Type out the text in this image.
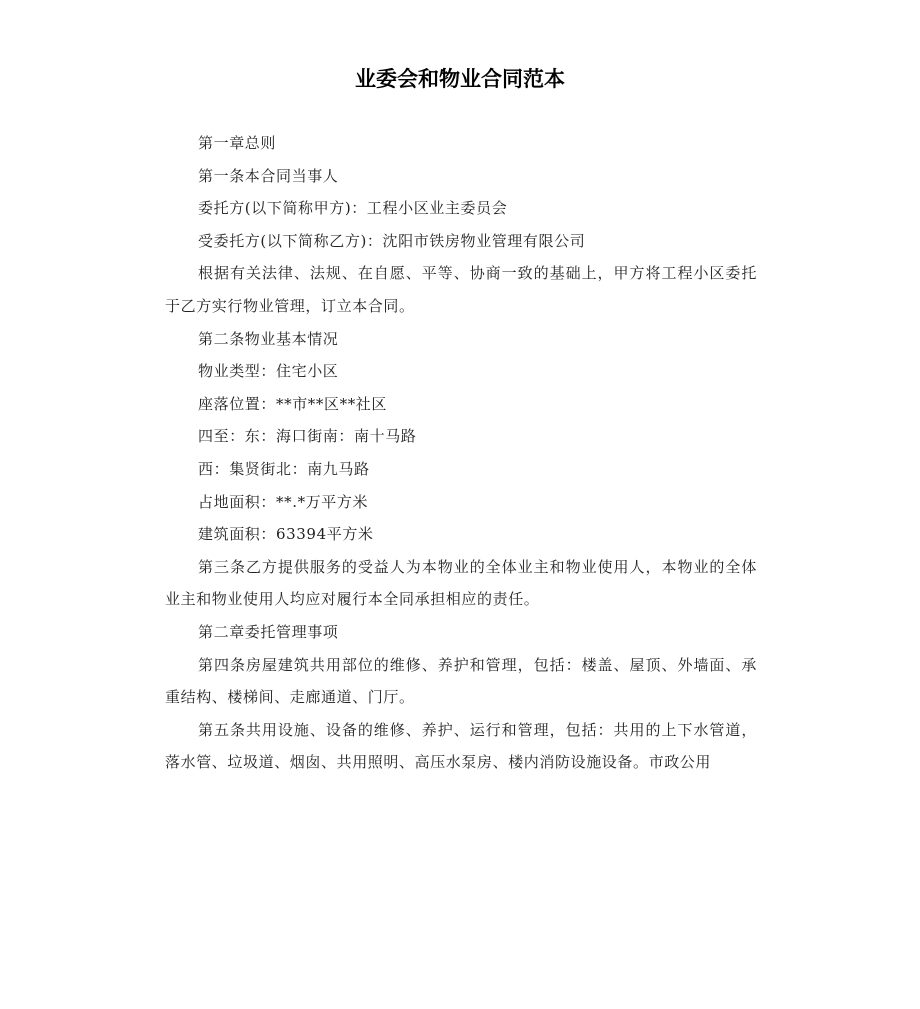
业委会和物业合同范本

第一章总则

第一条本合同当事人

委托方(以下简称甲方)：工程小区业主委员会

受委托方(以下简称乙方)：沈阳市铁房物业管理有限公司

根据有关法律、法规、在自愿、平等、协商一致的基础上，甲方将工程小区委托于乙方实行物业管理，订立本合同。

第二条物业基本情况

物业类型：住宅小区

座落位置：**市**区**社区

四至：东：海口街南：南十马路

西：集贤街北：南九马路

占地面积：**.*万平方米

建筑面积：63394平方米

第三条乙方提供服务的受益人为本物业的全体业主和物业使用人，本物业的全体业主和物业使用人均应对履行本全同承担相应的责任。

第二章委托管理事项

第四条房屋建筑共用部位的维修、养护和管理，包括：楼盖、屋顶、外墙面、承重结构、楼梯间、走廊通道、门厅。

第五条共用设施、设备的维修、养护、运行和管理，包括：共用的上下水管道，落水管、垃圾道、烟囱、共用照明、高压水泵房、楼内消防设施设备。市政公用
